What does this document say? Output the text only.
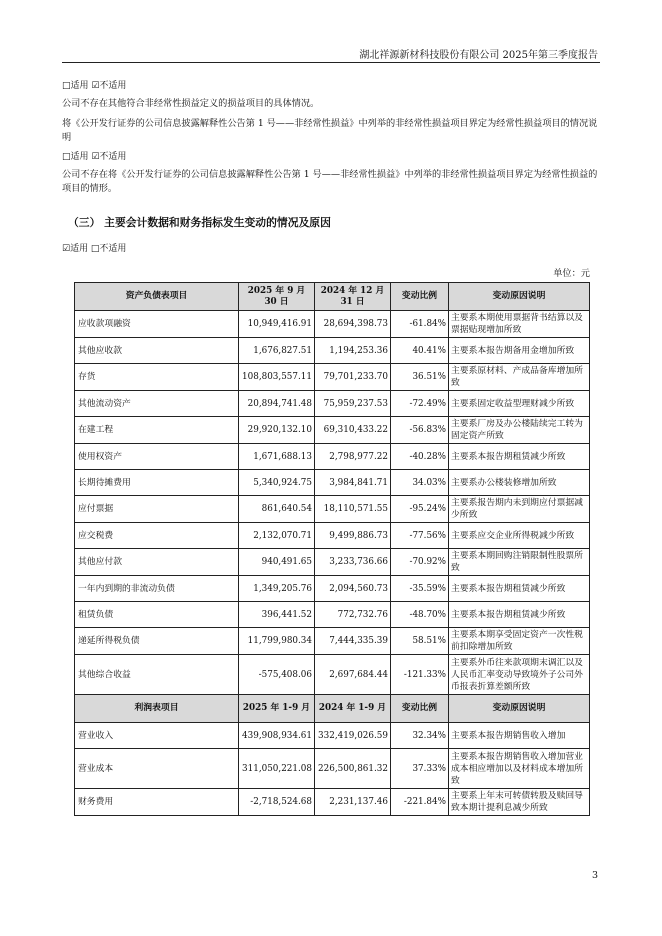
湖北祥源新材科技股份有限公司 2025年第三季度报告
□适用 ☑不适用
公司不存在其他符合非经常性损益定义的损益项目的具体情况。
将《公开发行证券的公司信息披露解释性公告第 1 号——非经常性损益》中列举的非经常性损益项目界定为经常性损益项目的情况说明
□适用 ☑不适用
公司不存在将《公开发行证券的公司信息披露解释性公告第 1 号——非经常性损益》中列举的非经常性损益项目界定为经常性损益的项目的情形。
（三） 主要会计数据和财务指标发生变动的情况及原因
☑适用 □不适用
单位：元
资产负债表项目	2025 年 9 月 30 日	2024 年 12 月 31 日	变动比例	变动原因说明
应收款项融资	10,949,416.91	28,694,398.73	-61.84%	主要系本期使用票据背书结算以及票据贴现增加所致
其他应收款	1,676,827.51	1,194,253.36	40.41%	主要系本报告期备用金增加所致
存货	108,803,557.11	79,701,233.70	36.51%	主要系原材料、产成品备库增加所致
其他流动资产	20,894,741.48	75,959,237.53	-72.49%	主要系固定收益型理财减少所致
在建工程	29,920,132.10	69,310,433.22	-56.83%	主要系厂房及办公楼陆续完工转为固定资产所致
使用权资产	1,671,688.13	2,798,977.22	-40.28%	主要系本报告期租赁减少所致
长期待摊费用	5,340,924.75	3,984,841.71	34.03%	主要系办公楼装修增加所致
应付票据	861,640.54	18,110,571.55	-95.24%	主要系报告期内未到期应付票据减少所致
应交税费	2,132,070.71	9,499,886.73	-77.56%	主要系应交企业所得税减少所致
其他应付款	940,491.65	3,233,736.66	-70.92%	主要系本期回购注销限制性股票所致
一年内到期的非流动负债	1,349,205.76	2,094,560.73	-35.59%	主要系本报告期租赁减少所致
租赁负债	396,441.52	772,732.76	-48.70%	主要系本报告期租赁减少所致
递延所得税负债	11,799,980.34	7,444,335.39	58.51%	主要系本期享受固定资产一次性税前扣除增加所致
其他综合收益	-575,408.06	2,697,684.44	-121.33%	主要系外币往来款项期末调汇以及人民币汇率变动导致境外子公司外币报表折算差额所致
利润表项目	2025 年 1-9 月	2024 年 1-9 月	变动比例	变动原因说明
营业收入	439,908,934.61	332,419,026.59	32.34%	主要系本报告期销售收入增加
营业成本	311,050,221.08	226,500,861.32	37.33%	主要系本报告期销售收入增加营业成本相应增加以及材料成本增加所致
财务费用	-2,718,524.68	2,231,137.46	-221.84%	主要系上年末可转债转股及赎回导致本期计提利息减少所致
3
